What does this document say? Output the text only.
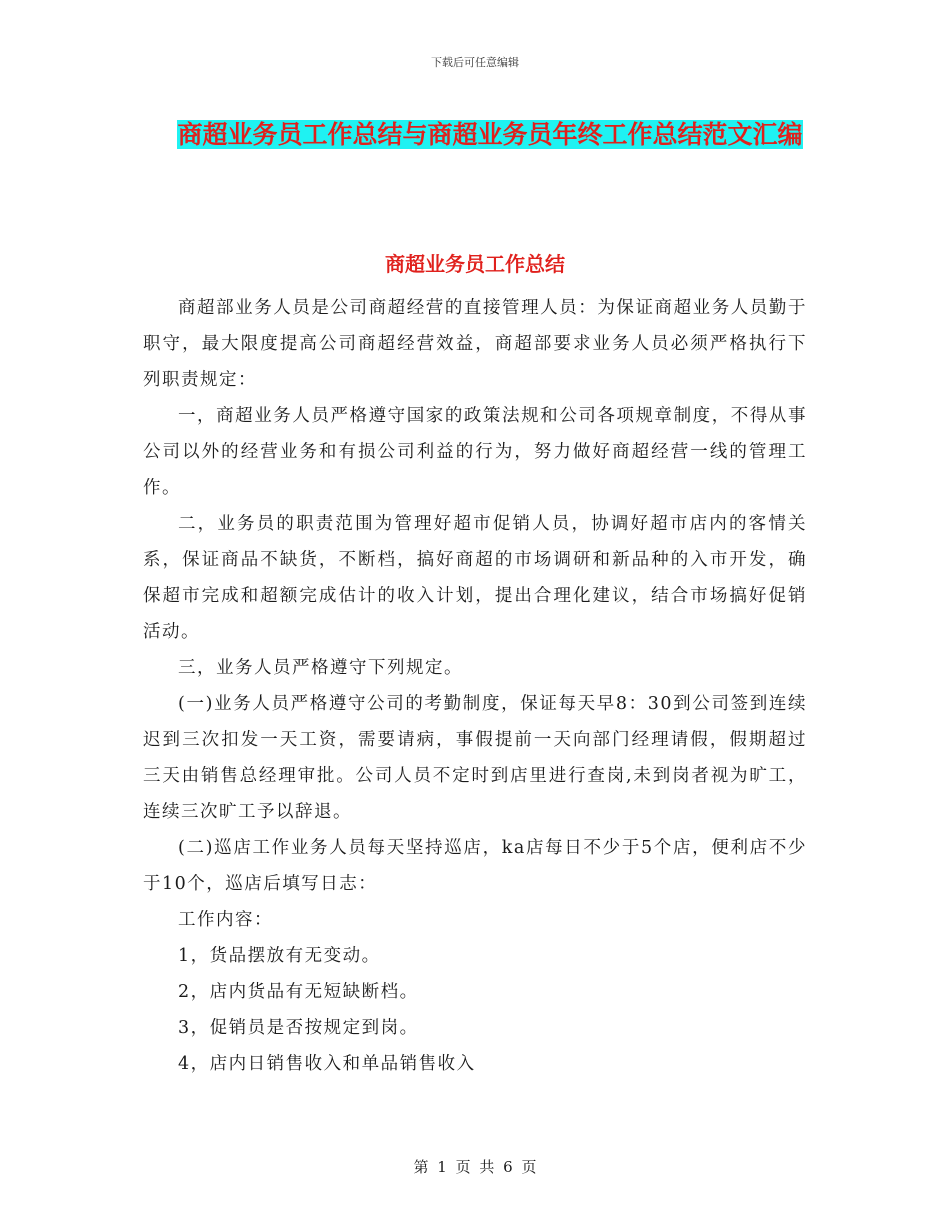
下载后可任意编辑
商超业务员工作总结与商超业务员年终工作总结范文汇编
商超业务员工作总结

商超部业务人员是公司商超经营的直接管理人员：为保证商超业务人员勤于职守，最大限度提高公司商超经营效益，商超部要求业务人员必须严格执行下列职责规定：

一，商超业务人员严格遵守国家的政策法规和公司各项规章制度，不得从事公司以外的经营业务和有损公司利益的行为，努力做好商超经营一线的管理工作。

二，业务员的职责范围为管理好超市促销人员，协调好超市店内的客情关系，保证商品不缺货，不断档，搞好商超的市场调研和新品种的入市开发，确保超市完成和超额完成估计的收入计划，提出合理化建议，结合市场搞好促销活动。

三，业务人员严格遵守下列规定。

(一)业务人员严格遵守公司的考勤制度，保证每天早8：30到公司签到连续迟到三次扣发一天工资，需要请病，事假提前一天向部门经理请假，假期超过三天由销售总经理审批。公司人员不定时到店里进行查岗,未到岗者视为旷工，连续三次旷工予以辞退。

(二)巡店工作业务人员每天坚持巡店，ka店每日不少于5个店，便利店不少于10个，巡店后填写日志：

工作内容：

1，货品摆放有无变动。

2，店内货品有无短缺断档。

3，促销员是否按规定到岗。

4，店内日销售收入和单品销售收入

第 1 页 共 6 页
